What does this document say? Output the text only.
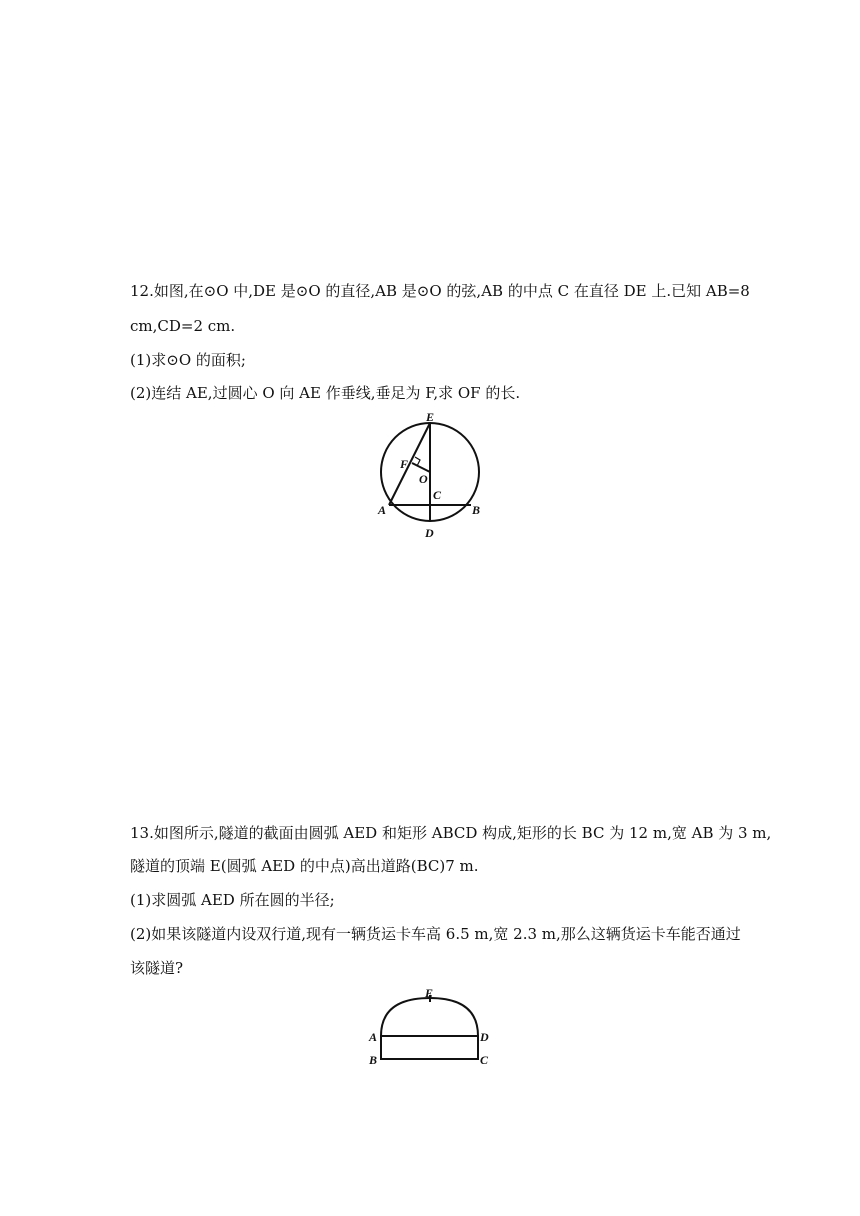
12.如图,在⊙O 中,DE 是⊙O 的直径,AB 是⊙O 的弦,AB 的中点 C 在直径 DE 上.已知 AB=8
cm,CD=2 cm.
(1)求⊙O 的面积;
(2)连结 AE,过圆心 O 向 AE 作垂线,垂足为 F,求 OF 的长.
E
F
O
C
A	B
D
E
A	D
B	C
13.如图所示,隧道的截面由圆弧 AED 和矩形 ABCD 构成,矩形的长 BC 为 12 m,宽 AB 为 3 m,
隧道的顶端 E(圆弧 AED 的中点)高出道路(BC)7 m.
(1)求圆弧 AED 所在圆的半径;
(2)如果该隧道内设双行道,现有一辆货运卡车高 6.5 m,宽 2.3 m,那么这辆货运卡车能否通过
该隧道?
